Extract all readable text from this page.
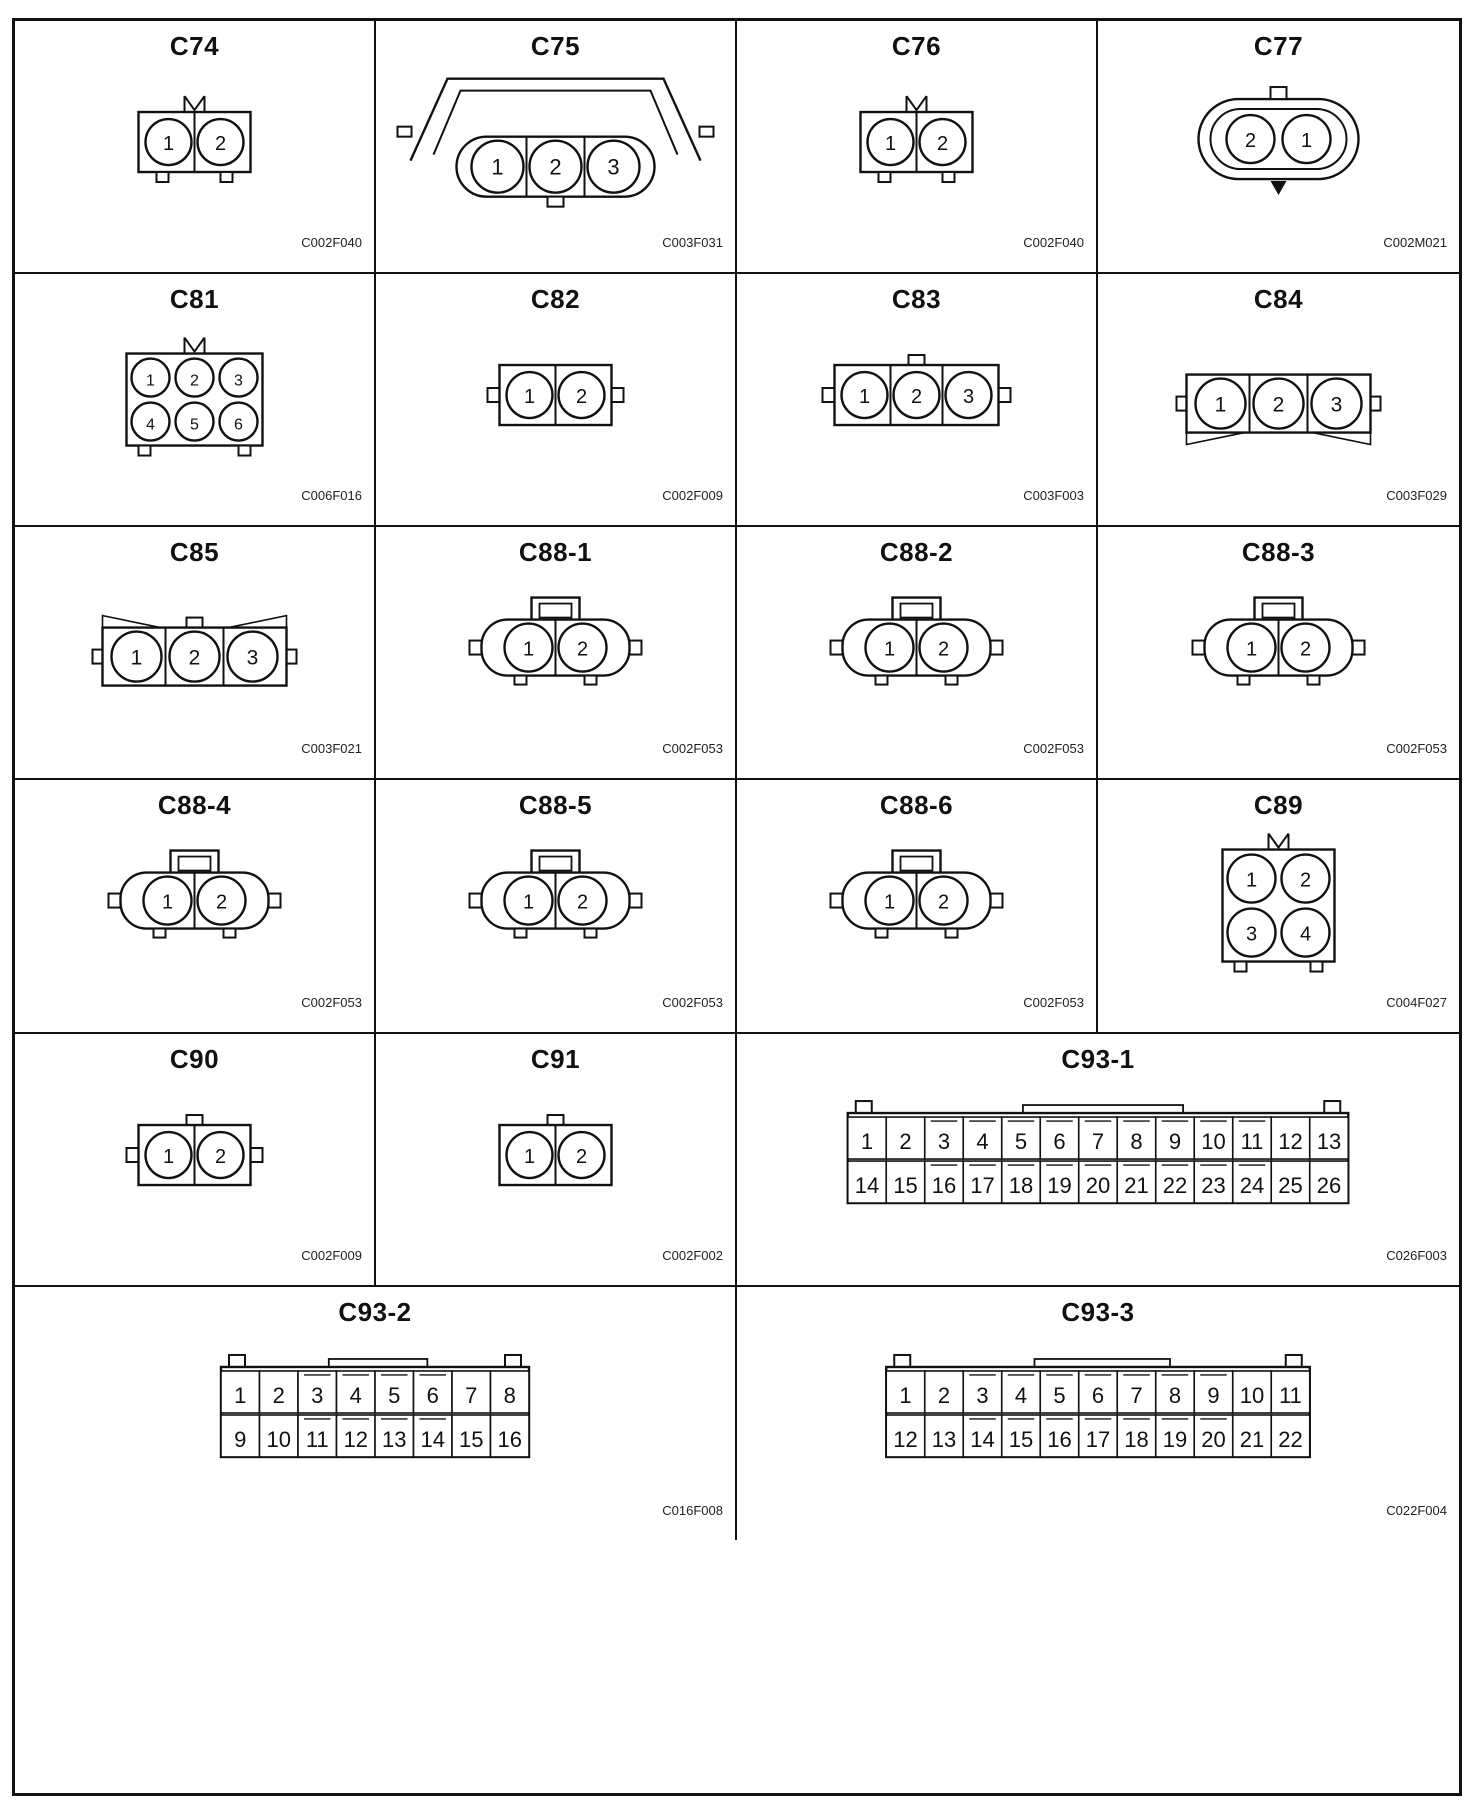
C74
1 2
C002F040
C75
1 2 3
C003F031
C76
1 2
C002F040
C77
2 1
C002M021
C81
1 2 3
4 5 6
C006F016
C82
1 2
C002F009
C83
1 2 3
C003F003
C84
1 2 3
C003F029
C85
1 2 3
C003F021
C88-1
1 2
C002F053
C88-2
1 2
C002F053
C88-3
1 2
C002F053
C88-4
1 2
C002F053
C88-5
1 2
C002F053
C88-6
1 2
C002F053
C89
1 2
3 4
C004F027
C90
1 2
C002F009
C91
1 2
C002F002
C93-1
1 2 3 4 5 6 7 8 9 10 11 12 13
14 15 16 17 18 19 20 21 22 23 24 25 26
C026F003
C93-2
1 2 3 4 5 6 7 8
9 10 11 12 13 14 15 16
C016F008
C93-3
1 2 3 4 5 6 7 8 9 10 11
12 13 14 15 16 17 18 19 20 21 22
C022F004
